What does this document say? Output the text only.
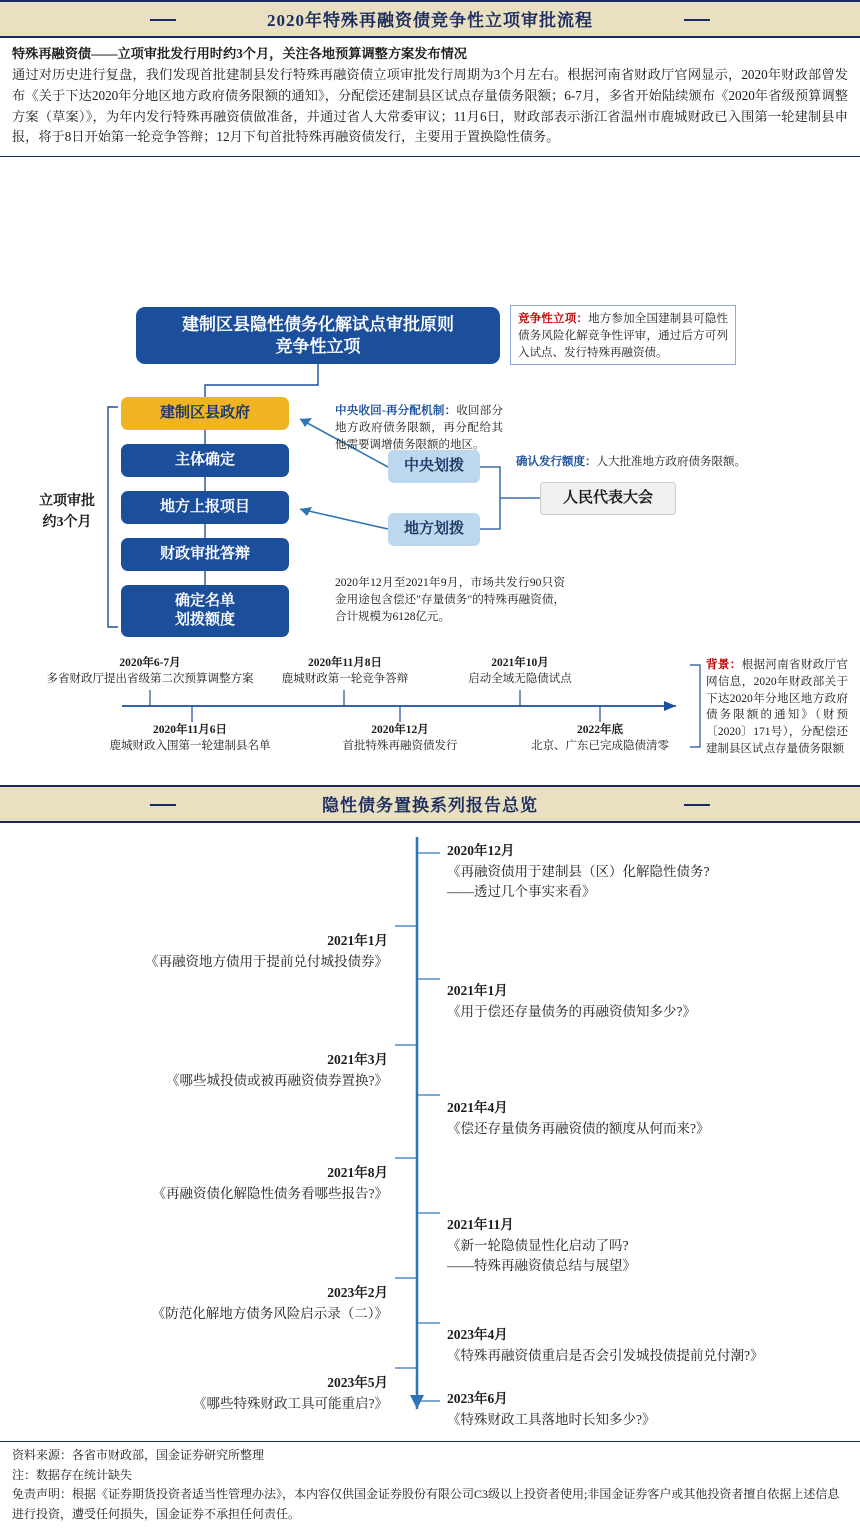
2020年特殊再融资债竞争性立项审批流程
特殊再融资债——立项审批发行用时约3个月，关注各地预算调整方案发布情况
通过对历史进行复盘，我们发现首批建制县发行特殊再融资债立项审批发行周期为3个月左右。根据河南省财政厅官网显示，2020年财政部曾发布《关于下达2020年分地区地方政府债务限额的通知》，分配偿还建制县区试点存量债务限额；6-7月，多省开始陆续颁布《2020年省级预算调整方案（草案）》，为年内发行特殊再融资债做准备，并通过省人大常委审议；11月6日，财政部表示浙江省温州市鹿城财政已入围第一轮建制县申报，将于8日开始第一轮竞争答辩；12月下旬首批特殊再融资债发行，主要用于置换隐性债务。
建制区县隐性债务化解试点审批原则
竞争性立项
竞争性立项：地方参加全国建制县可隐性债务风险化解竞争性评审，通过后方可列入试点、发行特殊再融资债。
立项审批
约3个月
建制区县政府
主体确定
地方上报项目
财政审批答辩
确定名单
划拨额度
中央收回-再分配机制：收回部分地方政府债务限额，再分配给其他需要调增债务限额的地区。
中央划拨
地方划拨
确认发行额度：人大批准地方政府债务限额。
人民代表大会
2020年12月至2021年9月，市场共发行90只资金用途包含偿还"存量债务"的特殊再融资债，合计规模为6128亿元。
2020年6-7月
多省财政厅提出省级第二次预算调整方案
2020年11月8日
鹿城财政第一轮竞争答辩
2021年10月
启动全域无隐债试点
2020年11月6日
鹿城财政入围第一轮建制县名单
2020年12月
首批特殊再融资债发行
2022年底
北京、广东已完成隐债清零
背景：根据河南省财政厅官网信息，2020年财政部关于下达2020年分地区地方政府债务限额的通知》（财预〔2020〕171号），分配偿还建制县区试点存量债务限额
隐性债务置换系列报告总览
2020年12月
《再融资债用于建制县（区）化解隐性债务?
——透过几个事实来看》
2021年1月
《再融资地方债用于提前兑付城投债券》
2021年1月
《用于偿还存量债务的再融资债知多少?》
2021年3月
《哪些城投债或被再融资债券置换?》
2021年4月
《偿还存量债务再融资债的额度从何而来?》
2021年8月
《再融资债化解隐性债务看哪些报告?》
2021年11月
《新一轮隐债显性化启动了吗?
——特殊再融资债总结与展望》
2023年2月
《防范化解地方债务风险启示录（二）》
2023年4月
《特殊再融资债重启是否会引发城投债提前兑付潮?》
2023年5月
《哪些特殊财政工具可能重启?》	2023年6月
《特殊财政工具落地时长知多少?》
资料来源：各省市财政部，国金证券研究所整理
注：数据存在统计缺失
免责声明：根据《证券期货投资者适当性管理办法》，本内容仅供国金证券股份有限公司C3级以上投资者使用;非国金证券客户或其他投资者擅自依据上述信息进行投资，遭受任何损失，国金证券不承担任何责任。
